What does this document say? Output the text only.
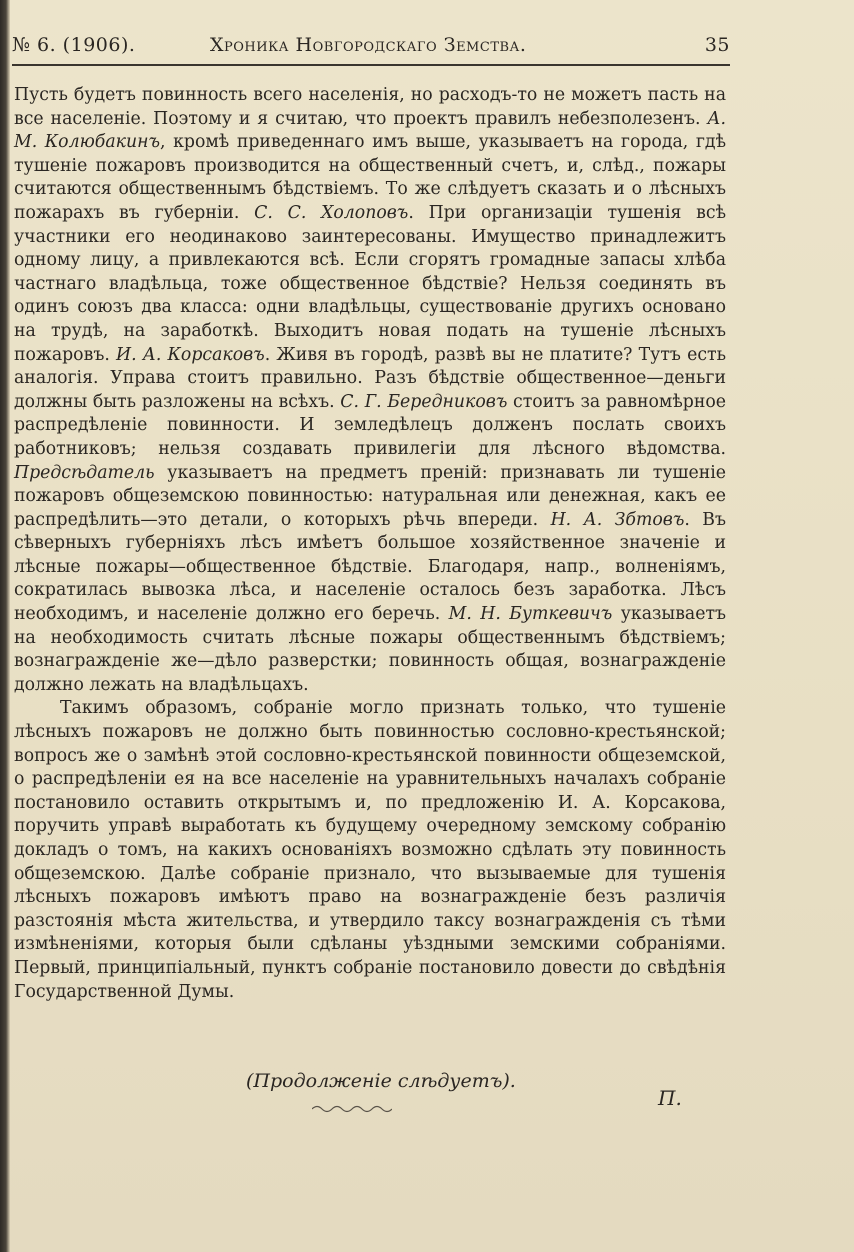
№ 6. (1906).	Хроника Новгородскаго Земства.	35

Пусть будетъ повинность всего населенія, но расходъ-то не можетъ пасть на все населеніе. Поэтому и я считаю, что проектъ правилъ небезполезенъ. А. М. Колюбакинъ, кромѣ приведеннаго имъ выше, указываетъ на города, гдѣ тушеніе пожаровъ производится на общественный счетъ, и, слѣд., пожары считаются общественнымъ бѣдствіемъ. То же слѣдуетъ сказать и о лѣсныхъ пожарахъ въ губерніи. С. С. Холоповъ. При организаціи тушенія всѣ участники его неодинаково заинтересованы. Имущество принадлежитъ одному лицу, а привлекаются всѣ. Если сгорятъ громадные запасы хлѣба частнаго владѣльца, тоже общественное бѣдствіе? Нельзя соединять въ одинъ союзъ два класса: одни владѣльцы, существованіе другихъ основано на трудѣ, на заработкѣ. Выходитъ новая подать на тушеніе лѣсныхъ пожаровъ. И. А. Корсаковъ. Живя въ городѣ, развѣ вы не платите? Тутъ есть аналогія. Управа стоитъ правильно. Разъ бѣдствіе общественное—деньги должны быть разложены на всѣхъ. С. Г. Бередниковъ стоитъ за равномѣрное распредѣленіе повинности. И земледѣлецъ долженъ послать своихъ работниковъ; нельзя создавать привилегіи для лѣсного вѣдомства. Предсѣдатель указываетъ на предметъ преній: признавать ли тушеніе пожаровъ общеземскою повинностью: натуральная или денежная, какъ ее распредѣлить—это детали, о которыхъ рѣчь впереди. Н. А. Збтовъ. Въ сѣверныхъ губерніяхъ лѣсъ имѣетъ большое хозяйственное значеніе и лѣсные пожары—общественное бѣдствіе. Благодаря, напр., волненіямъ, сократилась вывозка лѣса, и населеніе осталось безъ заработка. Лѣсъ необходимъ, и населеніе должно его беречь. М. Н. Буткевичъ указываетъ на необходимость считать лѣсные пожары общественнымъ бѣдствіемъ; вознагражденіе же—дѣло разверстки; повинность общая, вознагражденіе должно лежать на владѣльцахъ.

Такимъ образомъ, собраніе могло признать только, что тушеніе лѣсныхъ пожаровъ не должно быть повинностью сословно-крестьянской; вопросъ же о замѣнѣ этой сословно-крестьянской повинности общеземской, о распредѣленіи ея на все населеніе на уравнительныхъ началахъ собраніе постановило оставить открытымъ и, по предложенію И. А. Корсакова, поручить управѣ выработать къ будущему очередному земскому собранію докладъ о томъ, на какихъ основаніяхъ возможно сдѣлать эту повинность общеземскою. Далѣе собраніе признало, что вызываемые для тушенія лѣсныхъ пожаровъ имѣютъ право на вознагражденіе безъ различія разстоянія мѣста жительства, и утвердило таксу вознагражденія съ тѣми измѣненіями, которыя были сдѣланы уѣздными земскими собраніями. Первый, принципіальный, пунктъ собраніе постановило довести до свѣдѣнія Государственной Думы.

(Продолженіе слѣдуетъ).
П.
